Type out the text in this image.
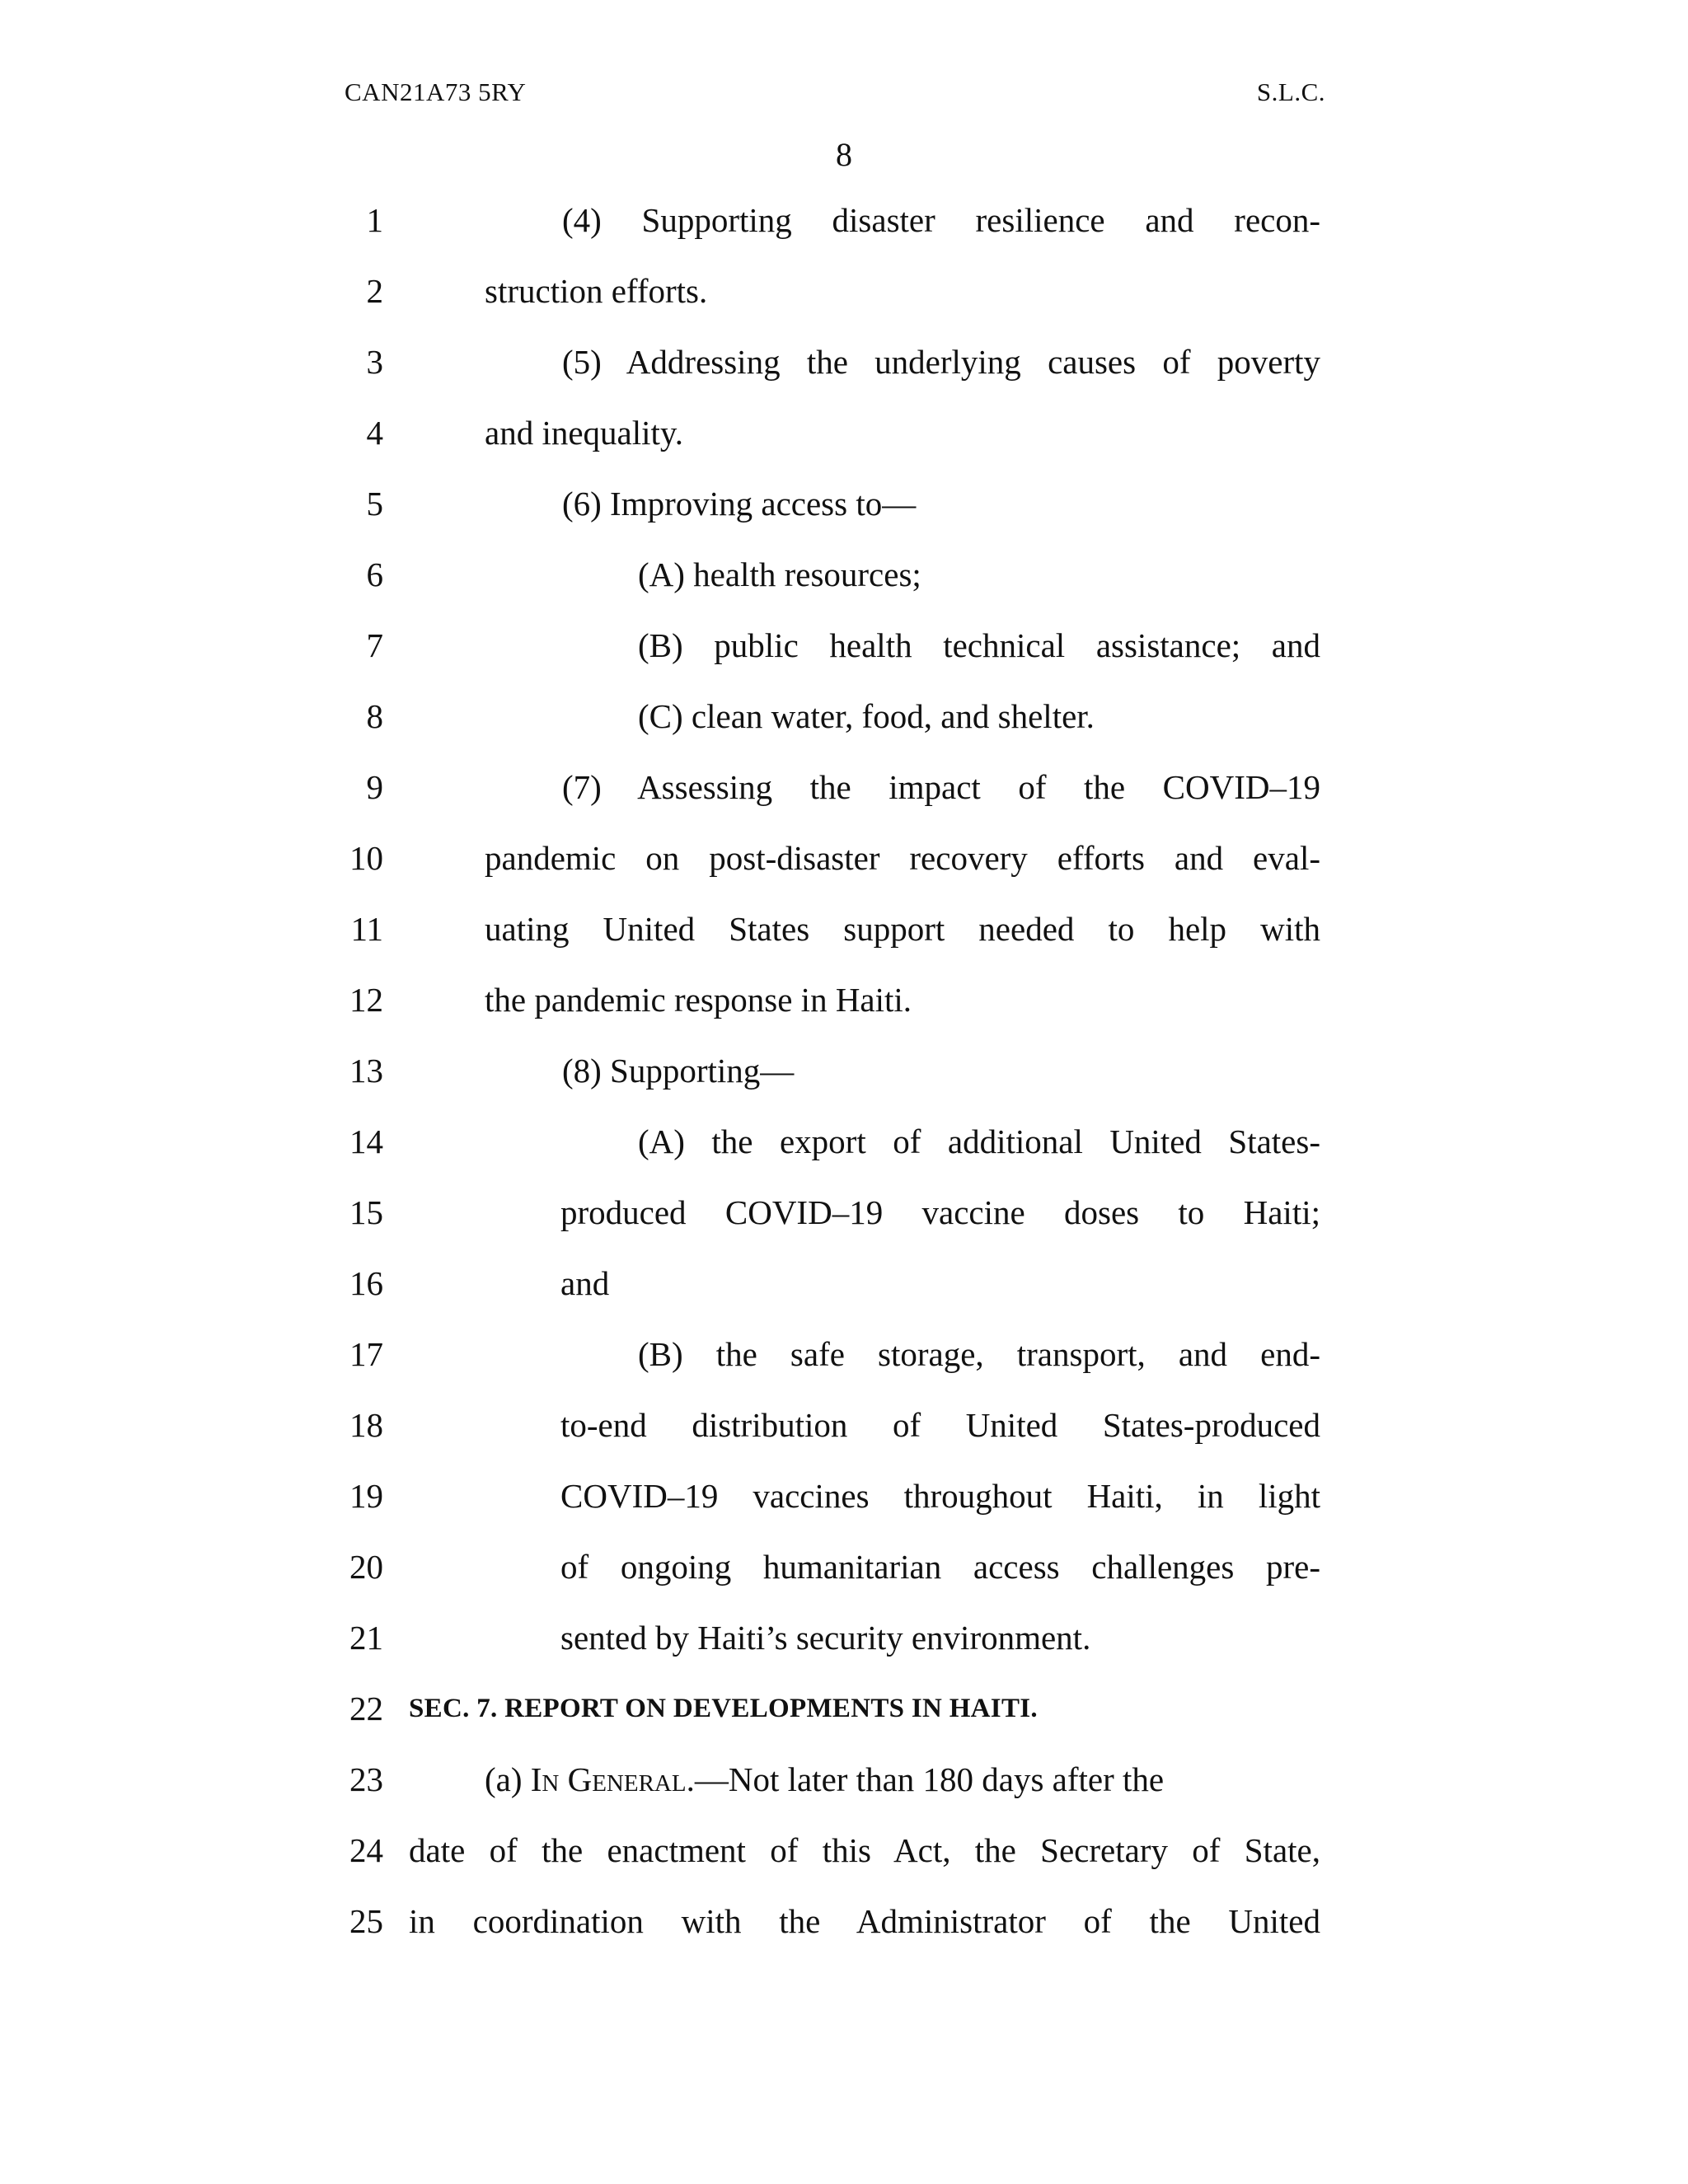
CAN21A73 5RY	S.L.C.
8
1	(4) Supporting disaster resilience and recon-
2	struction efforts.
3	(5) Addressing the underlying causes of poverty
4	and inequality.
5	(6) Improving access to—
6	(A) health resources;
7	(B) public health technical assistance; and
8	(C) clean water, food, and shelter.
9	(7) Assessing the impact of the COVID–19
10	pandemic on post-disaster recovery efforts and eval-
11	uating United States support needed to help with
12	the pandemic response in Haiti.
13	(8) Supporting—
14	(A) the export of additional United States-
15	produced COVID–19 vaccine doses to Haiti;
16	and
17	(B) the safe storage, transport, and end-
18	to-end distribution of United States-produced
19	COVID–19 vaccines throughout Haiti, in light
20	of ongoing humanitarian access challenges pre-
21	sented by Haiti’s security environment.
22 SEC. 7. REPORT ON DEVELOPMENTS IN HAITI.
23	(a) In General.—Not later than 180 days after the
24 date of the enactment of this Act, the Secretary of State,
25 in coordination with the Administrator of the United
